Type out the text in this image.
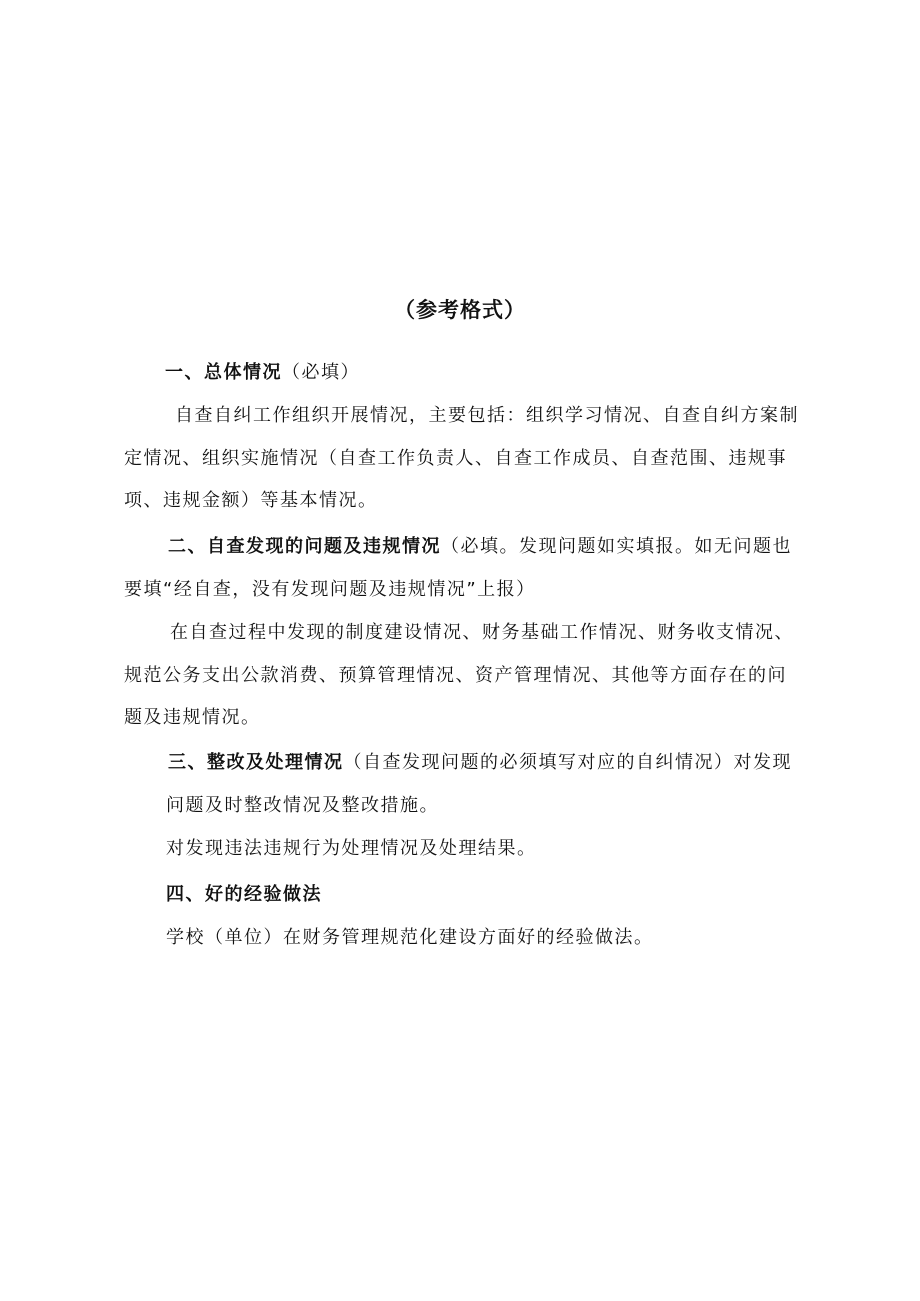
（参考格式）
一、总体情况（必填）
自查自纠工作组织开展情况，主要包括：组织学习情况、自查自纠方案制
定情况、组织实施情况（自查工作负责人、自查工作成员、自查范围、违规事
项、违规金额）等基本情况。
二、自查发现的问题及违规情况（必填。发现问题如实填报。如无问题也
要填“经自查，没有发现问题及违规情况”上报）
在自查过程中发现的制度建设情况、财务基础工作情况、财务收支情况、
规范公务支出公款消费、预算管理情况、资产管理情况、其他等方面存在的问
题及违规情况。
三、整改及处理情况（自查发现问题的必须填写对应的自纠情况）对发现
问题及时整改情况及整改措施。
对发现违法违规行为处理情况及处理结果。
四、好的经验做法
学校（单位）在财务管理规范化建设方面好的经验做法。
